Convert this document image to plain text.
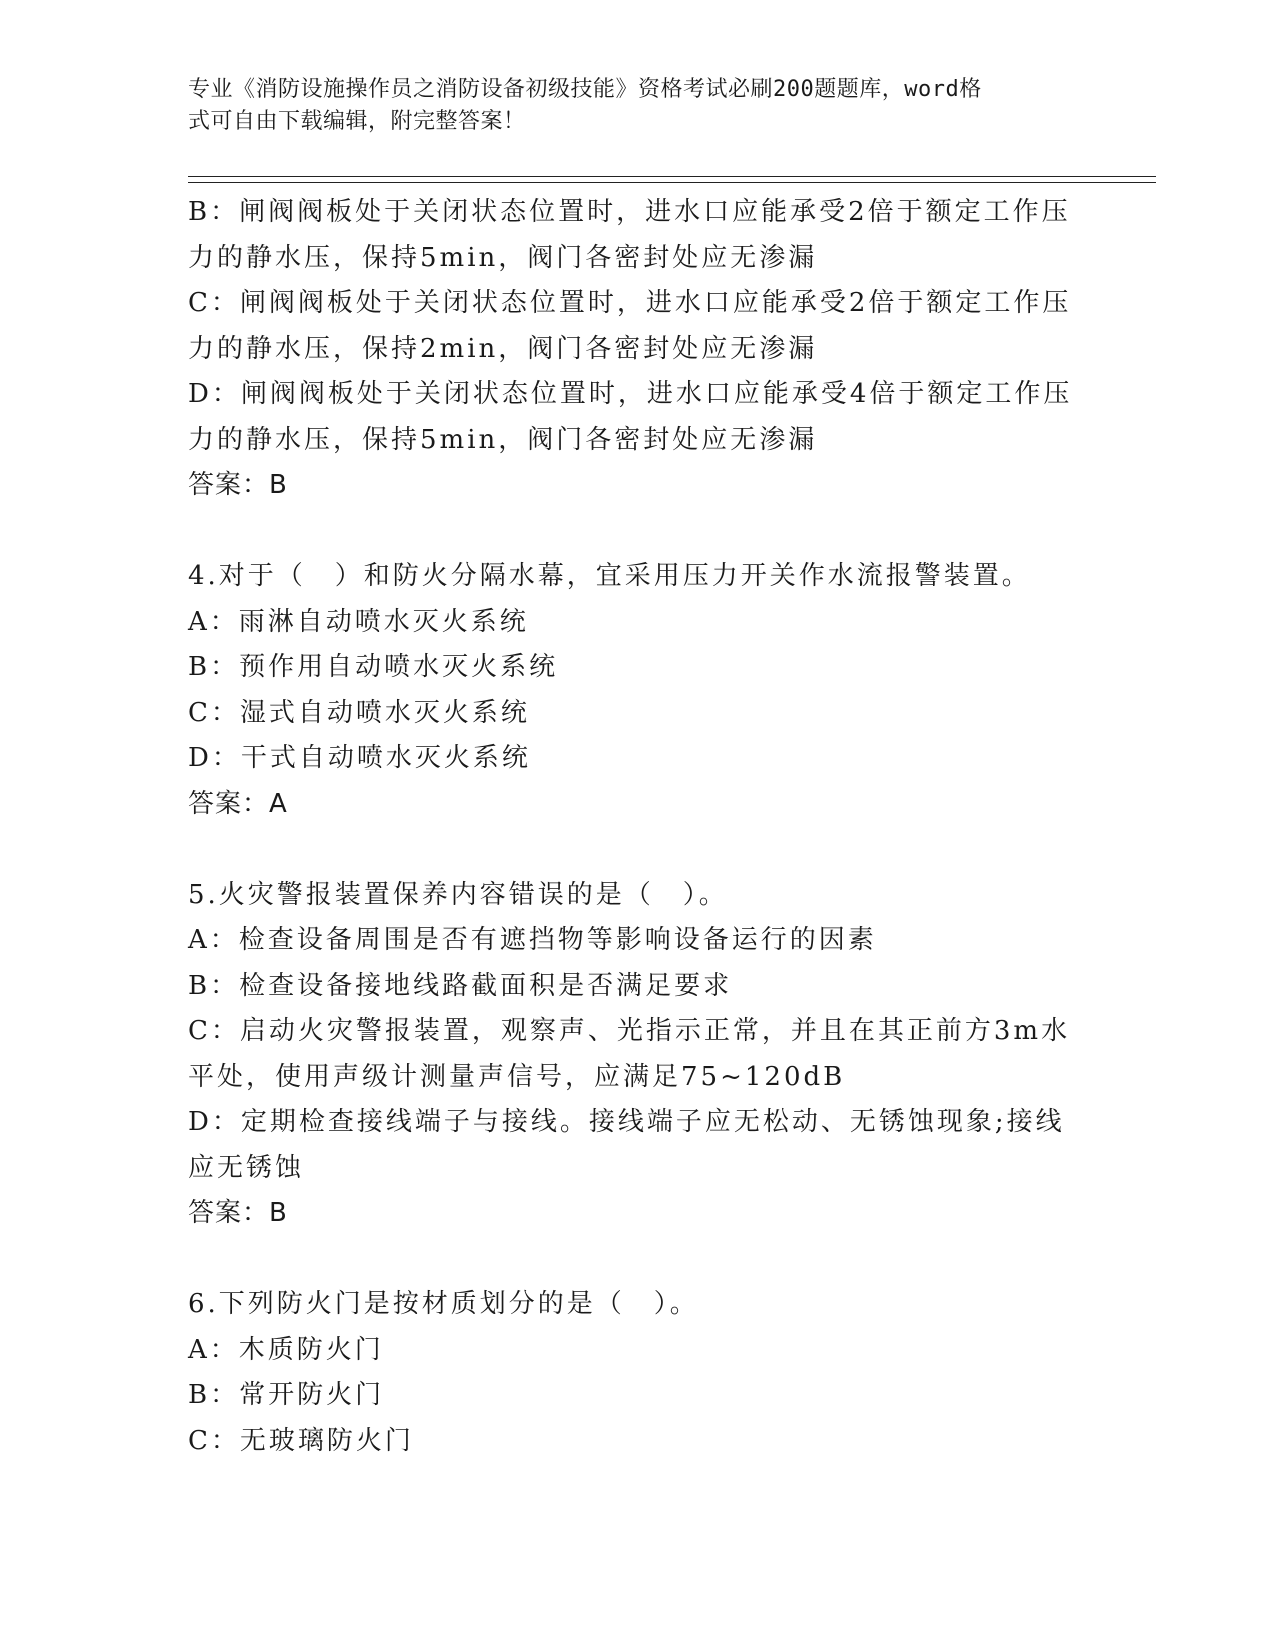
专业《消防设施操作员之消防设备初级技能》资格考试必刷200题题库，word格
式可自由下载编辑，附完整答案！
B：闸阀阀板处于关闭状态位置时，进水口应能承受2倍于额定工作压
力的静水压，保持5min，阀门各密封处应无渗漏
C：闸阀阀板处于关闭状态位置时，进水口应能承受2倍于额定工作压
力的静水压，保持2min，阀门各密封处应无渗漏
D：闸阀阀板处于关闭状态位置时，进水口应能承受4倍于额定工作压
力的静水压，保持5min，阀门各密封处应无渗漏
答案：B
4.对于（　）和防火分隔水幕，宜采用压力开关作水流报警装置。
A：雨淋自动喷水灭火系统
B：预作用自动喷水灭火系统
C：湿式自动喷水灭火系统
D：干式自动喷水灭火系统
答案：A
5.火灾警报装置保养内容错误的是（　）。
A：检查设备周围是否有遮挡物等影响设备运行的因素
B：检查设备接地线路截面积是否满足要求
C：启动火灾警报装置，观察声、光指示正常，并且在其正前方3m水
平处，使用声级计测量声信号，应满足75~120dB
D：定期检查接线端子与接线。接线端子应无松动、无锈蚀现象;接线
应无锈蚀
答案：B
6.下列防火门是按材质划分的是（　）。
A：木质防火门
B：常开防火门
C：无玻璃防火门
